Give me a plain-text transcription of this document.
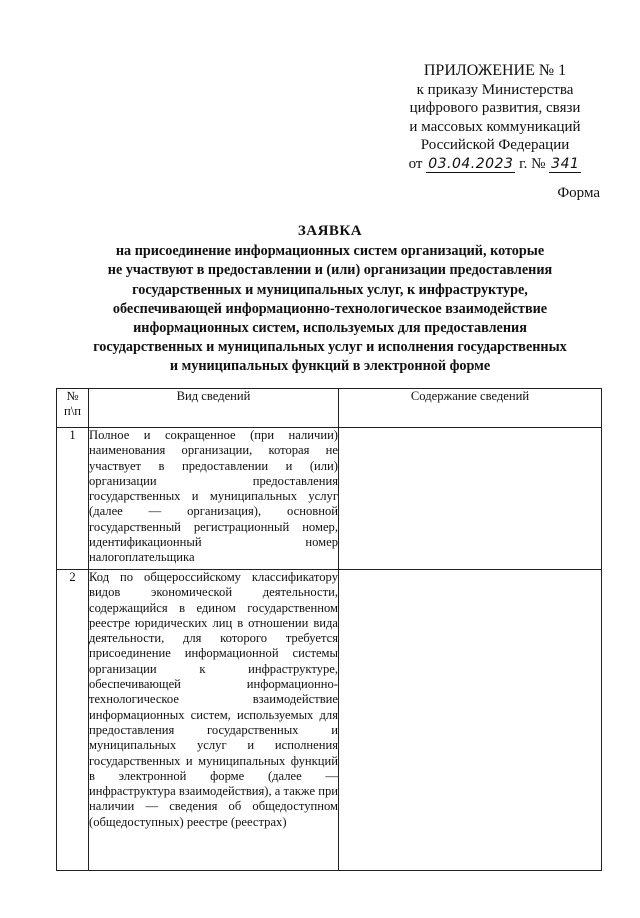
ПРИЛОЖЕНИЕ № 1
к приказу Министерства
цифрового развития, связи
и массовых коммуникаций
Российской Федерации
от 03.04.2023 г. № 341
Форма
ЗАЯВКА
на присоединение информационных систем организаций, которые
не участвуют в предоставлении и (или) организации предоставления
государственных и муниципальных услуг, к инфраструктуре,
обеспечивающей информационно-технологическое взаимодействие
информационных систем, используемых для предоставления
государственных и муниципальных услуг и исполнения государственных
и муниципальных функций в электронной форме
№
п\п	Вид сведений	Содержание сведений
1	Полное и сокращенное (при наличии) наименования организации, которая не участвует в предоставлении и (или) организации предоставления государственных и муниципальных услуг (далее — организация), основной государственный регистрационный номер, идентификационный номер налогоплательщика	
2	Код по общероссийскому классификатору видов экономической деятельности, содержащийся в едином государственном реестре юридических лиц в отношении вида деятельности, для которого требуется присоединение информационной системы организации к инфраструктуре, обеспечивающей информационно-технологическое взаимодействие информационных систем, используемых для предоставления государственных и муниципальных услуг и исполнения государственных и муниципальных функций в электронной форме (далее — инфраструктура взаимодействия), а также при наличии — сведения об общедоступном (общедоступных) реестре (реестрах)	
